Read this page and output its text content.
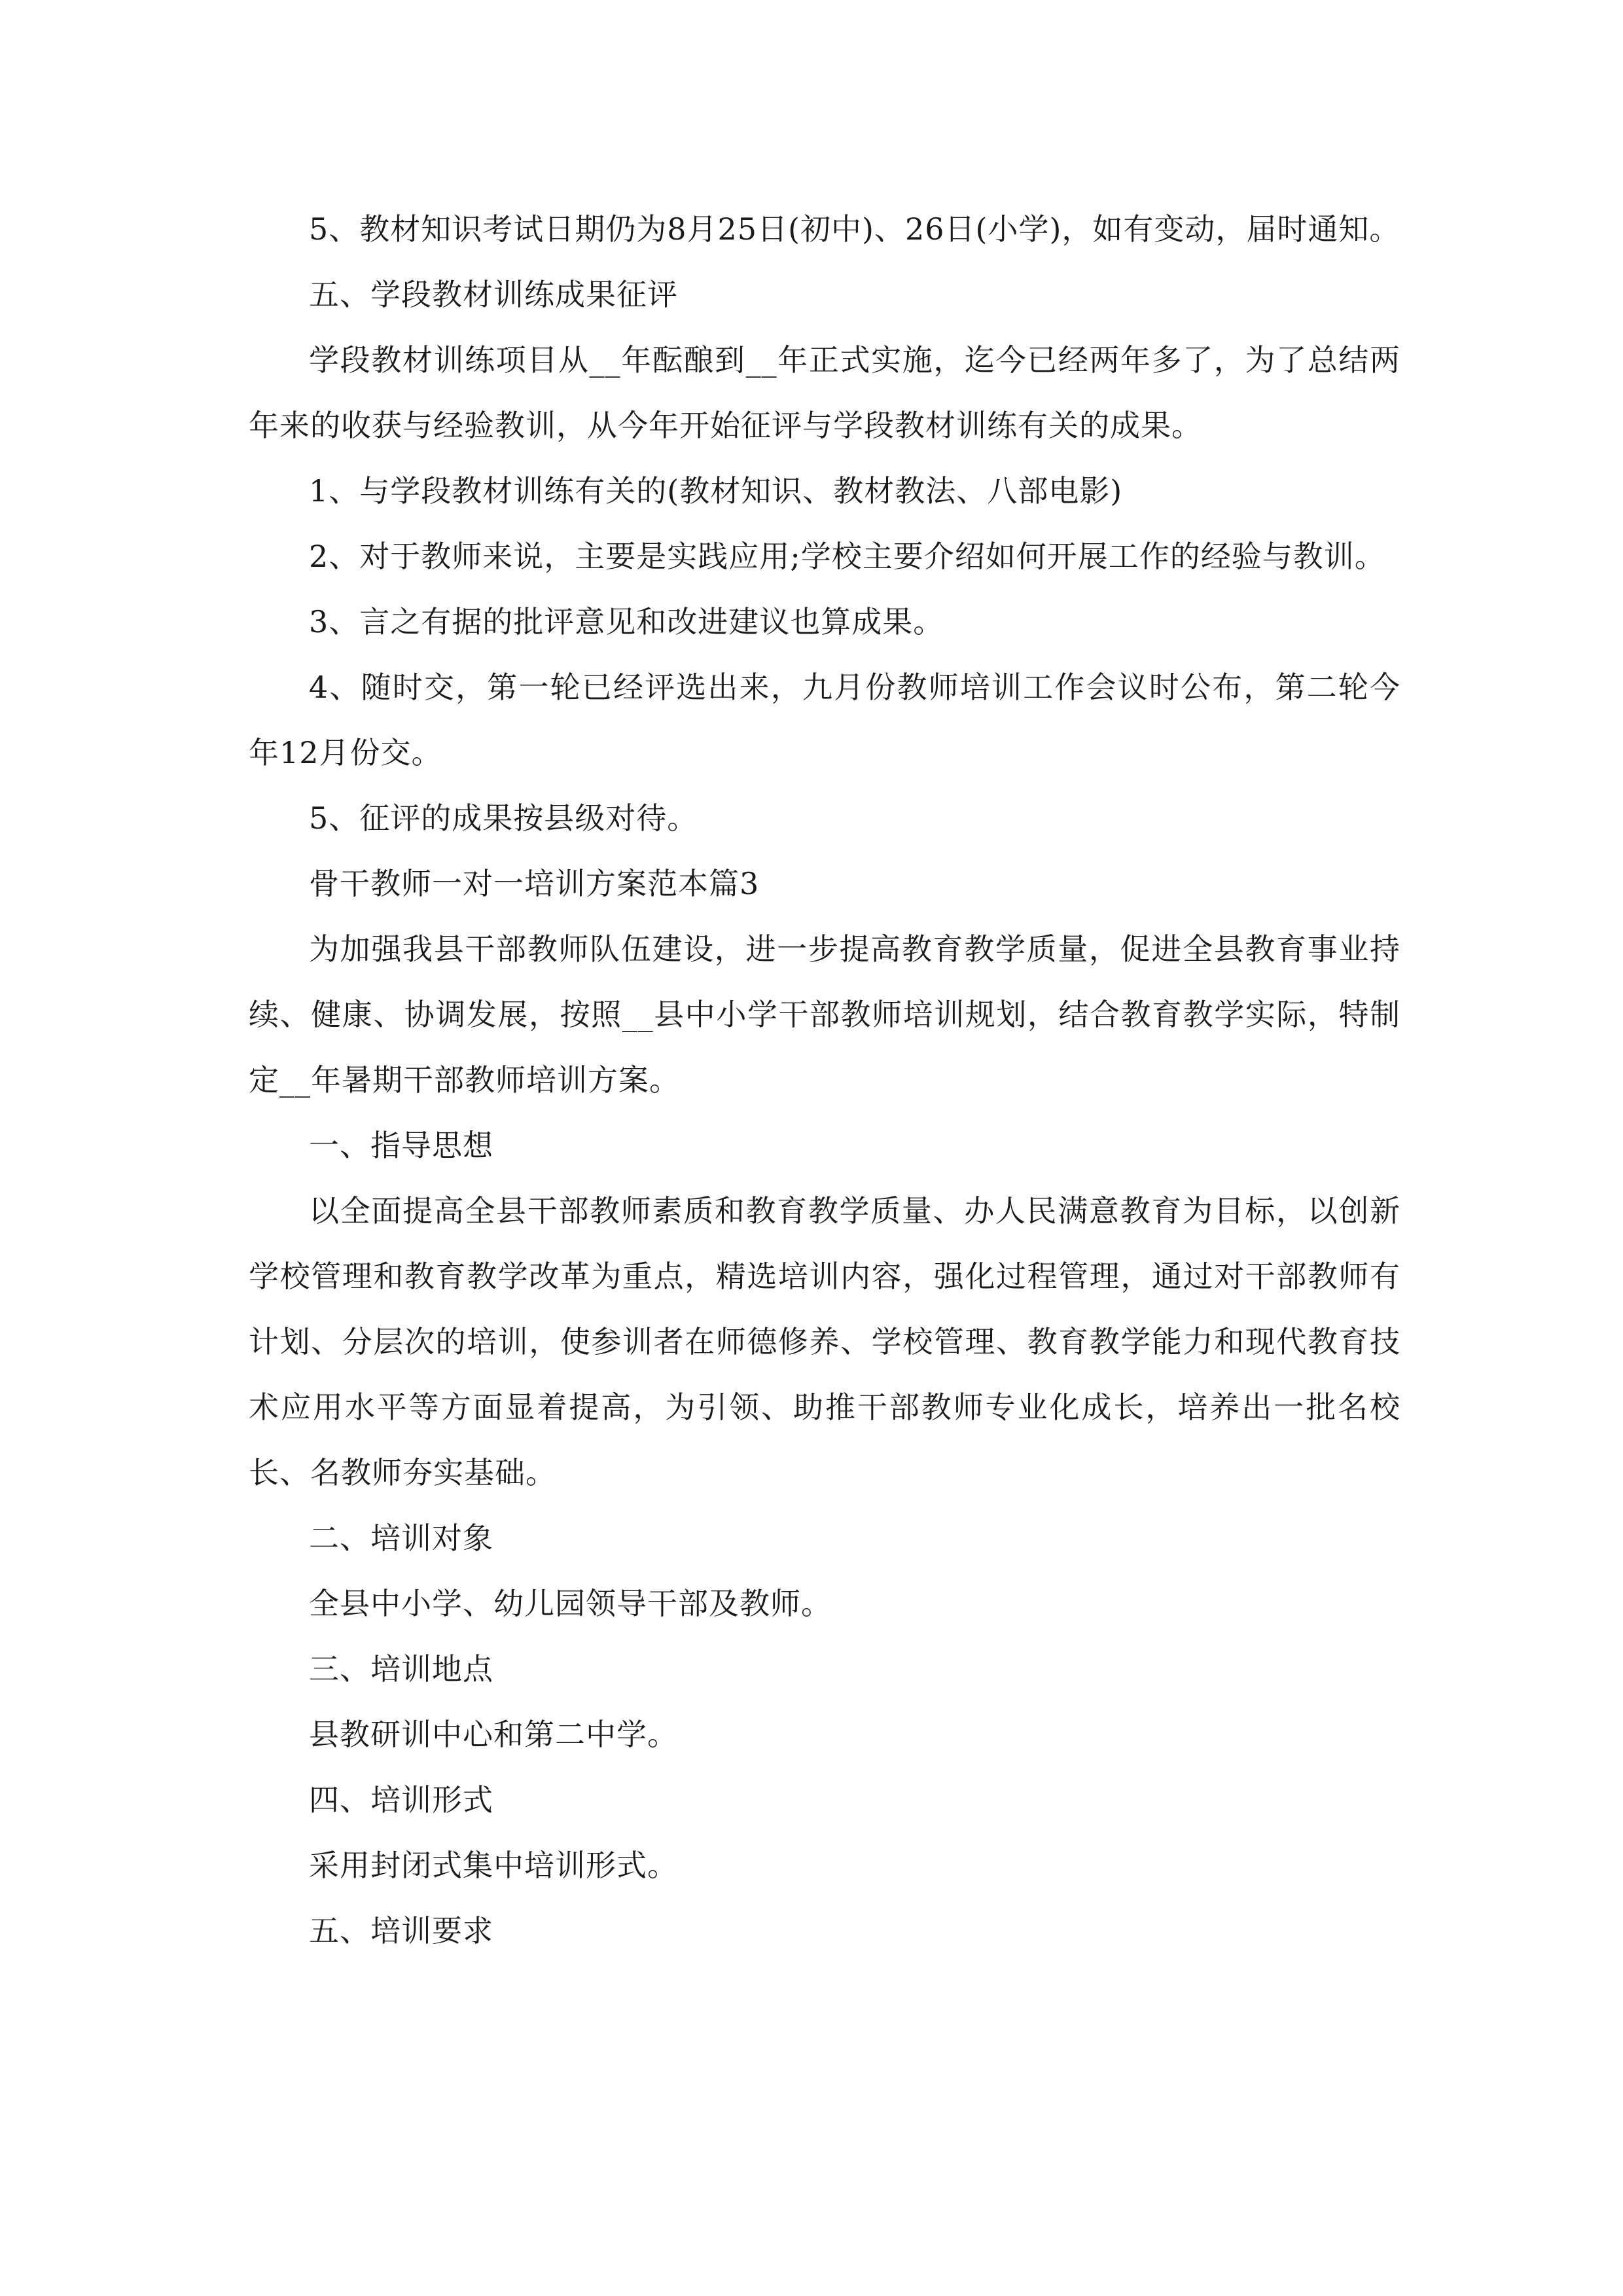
5、教材知识考试日期仍为8月25日(初中)、26日(小学)，如有变动，届时通知。

五、学段教材训练成果征评

学段教材训练项目从__年酝酿到__年正式实施，迄今已经两年多了，为了总结两年来的收获与经验教训，从今年开始征评与学段教材训练有关的成果。

1、与学段教材训练有关的(教材知识、教材教法、八部电影)

2、对于教师来说，主要是实践应用;学校主要介绍如何开展工作的经验与教训。

3、言之有据的批评意见和改进建议也算成果。

4、随时交，第一轮已经评选出来，九月份教师培训工作会议时公布，第二轮今年12月份交。

5、征评的成果按县级对待。

骨干教师一对一培训方案范本篇3

为加强我县干部教师队伍建设，进一步提高教育教学质量，促进全县教育事业持续、健康、协调发展，按照__县中小学干部教师培训规划，结合教育教学实际，特制定__年暑期干部教师培训方案。

一、指导思想

以全面提高全县干部教师素质和教育教学质量、办人民满意教育为目标，以创新学校管理和教育教学改革为重点，精选培训内容，强化过程管理，通过对干部教师有计划、分层次的培训，使参训者在师德修养、学校管理、教育教学能力和现代教育技术应用水平等方面显着提高，为引领、助推干部教师专业化成长，培养出一批名校长、名教师夯实基础。

二、培训对象

全县中小学、幼儿园领导干部及教师。

三、培训地点

县教研训中心和第二中学。

四、培训形式

采用封闭式集中培训形式。

五、培训要求
